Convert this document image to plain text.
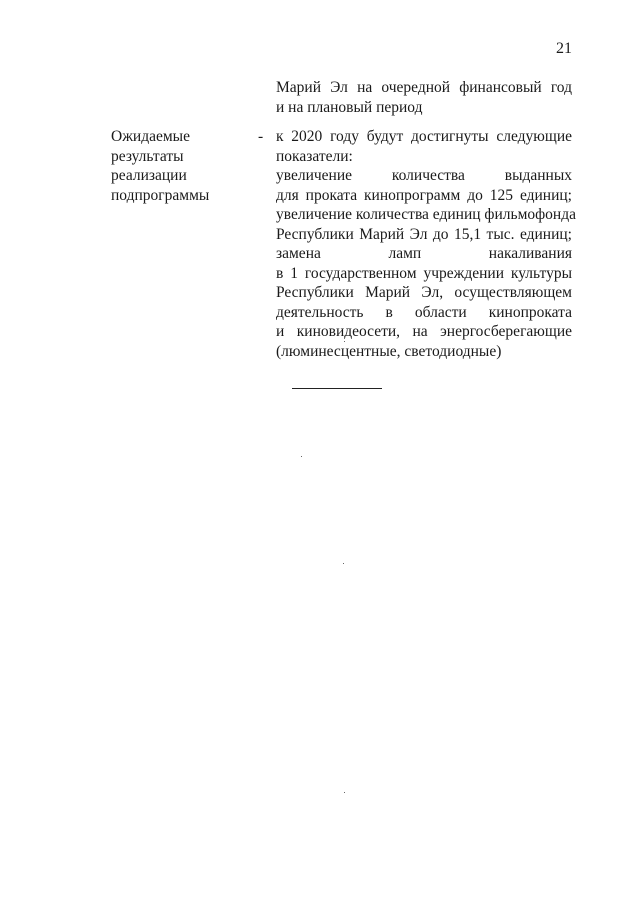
21
Марий Эл на очередной финансовый год
и на плановый период
Ожидаемые
результаты
реализации
подпрограммы
- к 2020 году будут достигнуты следующие
показатели:
увеличение количества выданных
для проката кинопрограмм до 125 единиц;
увеличение количества единиц фильмофонда
Республики Марий Эл до 15,1 тыс. единиц;
замена ламп накаливания
в 1 государственном учреждении культуры
Республики Марий Эл, осуществляющем
деятельность в области кинопроката
и киновидеосети, на энергосберегающие
(люминесцентные, светодиодные)
